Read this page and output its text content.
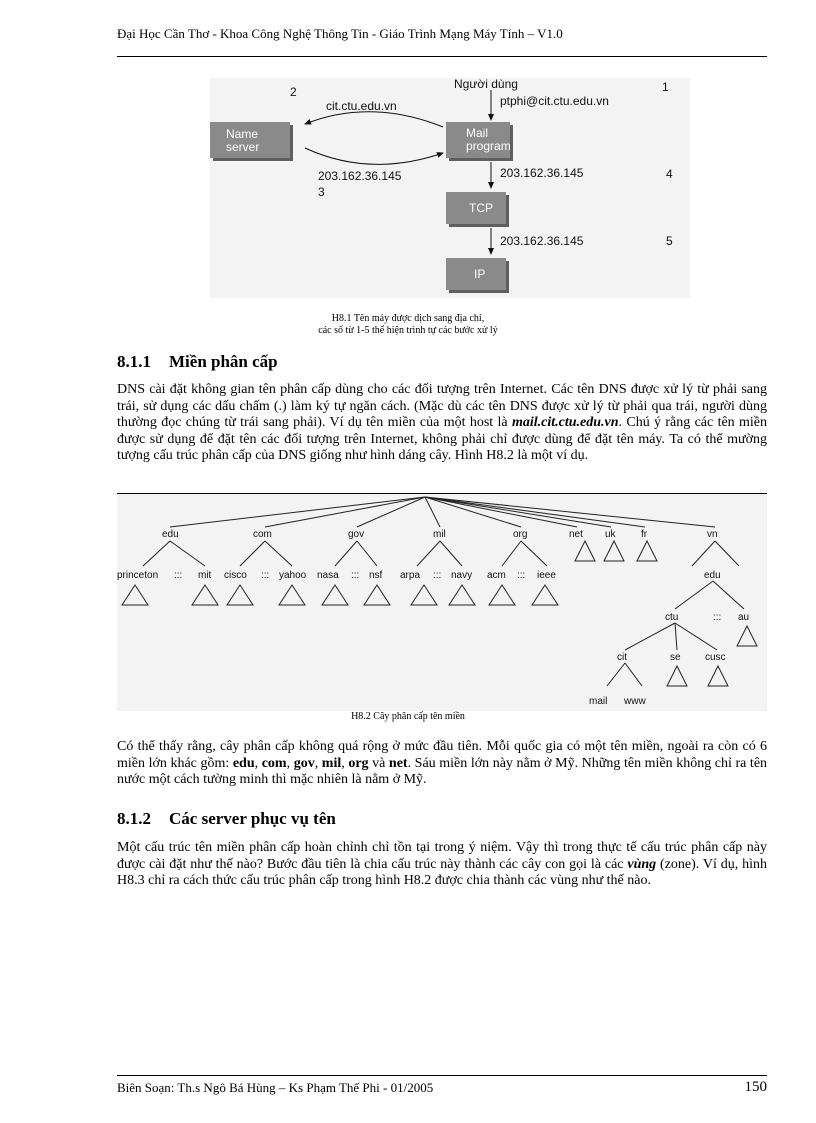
Đại Học Cần Thơ - Khoa Công Nghệ Thông Tin - Giáo Trình Mạng Máy Tính – V1.0
Name
server
Mail
program
TCP
IP
Người dùng
ptphi@cit.ctu.edu.vn
1
2
cit.ctu.edu.vn
203.162.36.145
3
203.162.36.145	4
203.162.36.145	5
H8.1 Tên máy được dịch sang địa chỉ,
các số từ 1-5 thể hiện trình tự các bước xử lý
8.1.1 Miền phân cấp
DNS cài đặt không gian tên phân cấp dùng cho các đối tượng trên Internet. Các tên DNS được xử lý từ phải sang trái, sử dụng các dấu chấm (.) làm ký tự ngăn cách. (Mặc dù các tên DNS được xử lý từ phải qua trái, người dùng thường đọc chúng từ trái sang phải). Ví dụ tên miền của một host là mail.cit.ctu.edu.vn. Chú ý rằng các tên miền được sử dụng để đặt tên các đối tượng trên Internet, không phải chỉ được dùng để đặt tên máy. Ta có thể mường tượng cấu trúc phân cấp của DNS giống như hình dáng cây. Hình H8.2 là một ví dụ.
edu	com	gov	mil	org	net uk	fr	vn
princeton ::: mit cisco ::: yahoo nasa ::: nsf arpa ::: navy acm ::: ieee	edu
ctu	::: au
cit	se cusc
mail www
H8.2 Cây phân cấp tên miền
Có thể thấy rằng, cây phân cấp không quá rộng ở mức đầu tiên. Mỗi quốc gia có một tên miền, ngoài ra còn có 6 miền lớn khác gồm: edu, com, gov, mil, org và net. Sáu miền lớn này nằm ở Mỹ. Những tên miền không chỉ ra tên nước một cách tường minh thì mặc nhiên là nằm ở Mỹ.
8.1.2 Các server phục vụ tên
Một cấu trúc tên miền phân cấp hoàn chỉnh chỉ tồn tại trong ý niệm. Vậy thì trong thực tế cấu trúc phân cấp này được cài đặt như thế nào? Bước đầu tiên là chia cấu trúc này thành các cây con gọi là các vùng (zone). Ví dụ, hình H8.3 chỉ ra cách thức cấu trúc phân cấp trong hình H8.2 được chia thành các vùng như thế nào.
Biên Soạn: Th.s Ngô Bá Hùng – Ks Phạm Thế Phi - 01/2005	150
